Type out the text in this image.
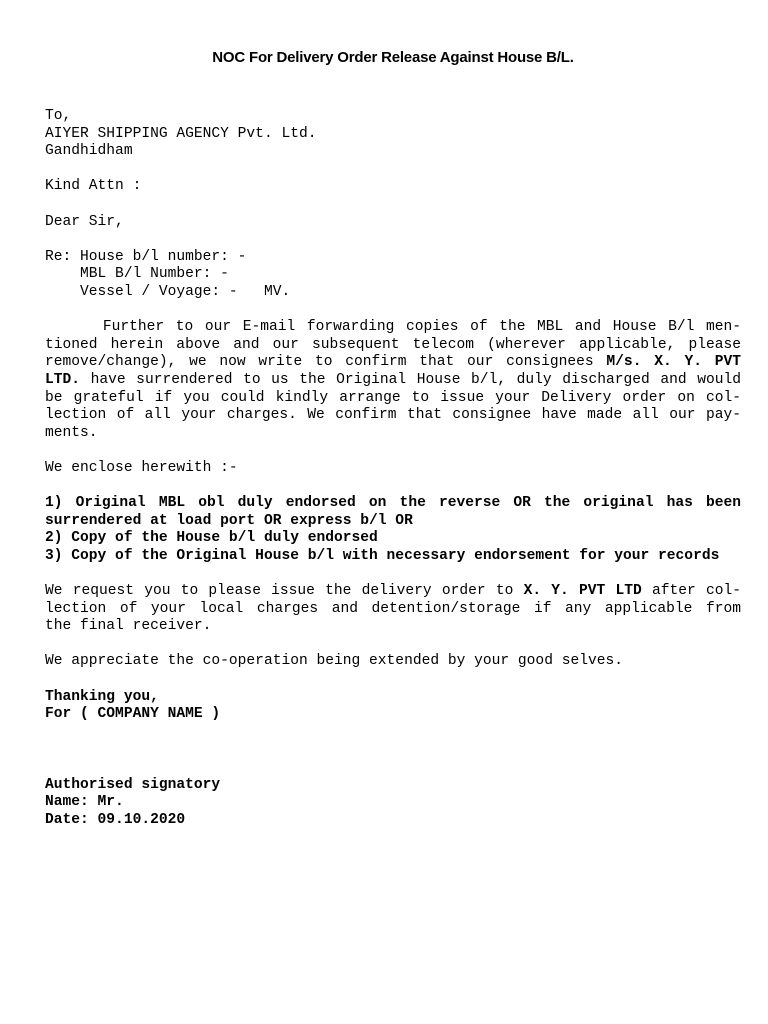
NOC For Delivery Order Release Against House B/L.
To,
AIYER SHIPPING AGENCY Pvt. Ltd.
Gandhidham
Kind Attn :
Dear Sir,
Re: House b/l number: -
MBL B/l Number: -
Vessel / Voyage: -   MV.
Further to our E-mail forwarding copies of the MBL and House B/l men-
tioned herein above and our subsequent telecom (wherever applicable, please
remove/change), we now write to confirm that our consignees M/s. X. Y. PVT
LTD. have surrendered to us the Original House b/l, duly discharged and would
be grateful if you could kindly arrange to issue your Delivery order on col-
lection of all your charges. We confirm that consignee have made all our pay-
ments.
We enclose herewith :-
1) Original MBL obl duly endorsed on the reverse OR the original has been
surrendered at load port OR express b/l OR
2) Copy of the House b/l duly endorsed
3) Copy of the Original House b/l with necessary endorsement for your records
We request you to please issue the delivery order to X. Y. PVT LTD after col-
lection of your local charges and detention/storage if any applicable from
the final receiver.
We appreciate the co-operation being extended by your good selves.
Thanking you,
For ( COMPANY NAME )
Authorised signatory
Name: Mr.
Date: 09.10.2020
